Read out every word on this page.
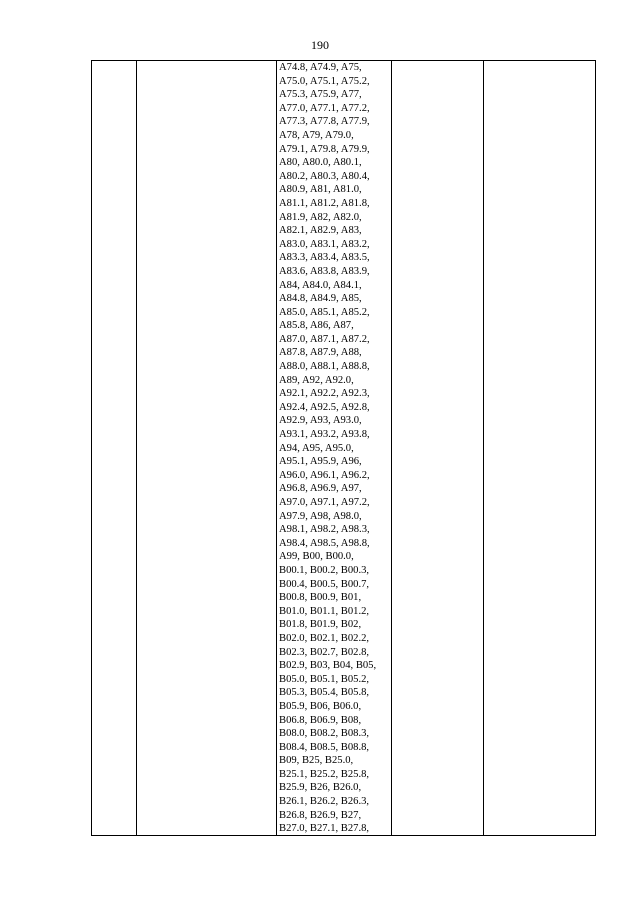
190
A74.8, A74.9, A75,
A75.0, A75.1, A75.2,
A75.3, A75.9, A77,
A77.0, A77.1, A77.2,
A77.3, A77.8, A77.9,
A78, A79, A79.0,
A79.1, A79.8, A79.9,
A80, A80.0, A80.1,
A80.2, A80.3, A80.4,
A80.9, A81, A81.0,
A81.1, A81.2, A81.8,
A81.9, A82, A82.0,
A82.1, A82.9, A83,
A83.0, A83.1, A83.2,
A83.3, A83.4, A83.5,
A83.6, A83.8, A83.9,
A84, A84.0, A84.1,
A84.8, A84.9, A85,
A85.0, A85.1, A85.2,
A85.8, A86, A87,
A87.0, A87.1, A87.2,
A87.8, A87.9, A88,
A88.0, A88.1, A88.8,
A89, A92, A92.0,
A92.1, A92.2, A92.3,
A92.4, A92.5, A92.8,
A92.9, A93, A93.0,
A93.1, A93.2, A93.8,
A94, A95, A95.0,
A95.1, A95.9, A96,
A96.0, A96.1, A96.2,
A96.8, A96.9, A97,
A97.0, A97.1, A97.2,
A97.9, A98, A98.0,
A98.1, A98.2, A98.3,
A98.4, A98.5, A98.8,
A99, B00, B00.0,
B00.1, B00.2, B00.3,
B00.4, B00.5, B00.7,
B00.8, B00.9, B01,
B01.0, B01.1, B01.2,
B01.8, B01.9, B02,
B02.0, B02.1, B02.2,
B02.3, B02.7, B02.8,
B02.9, B03, B04, B05,
B05.0, B05.1, B05.2,
B05.3, B05.4, B05.8,
B05.9, B06, B06.0,
B06.8, B06.9, B08,
B08.0, B08.2, B08.3,
B08.4, B08.5, B08.8,
B09, B25, B25.0,
B25.1, B25.2, B25.8,
B25.9, B26, B26.0,
B26.1, B26.2, B26.3,
B26.8, B26.9, B27,
B27.0, B27.1, B27.8,
